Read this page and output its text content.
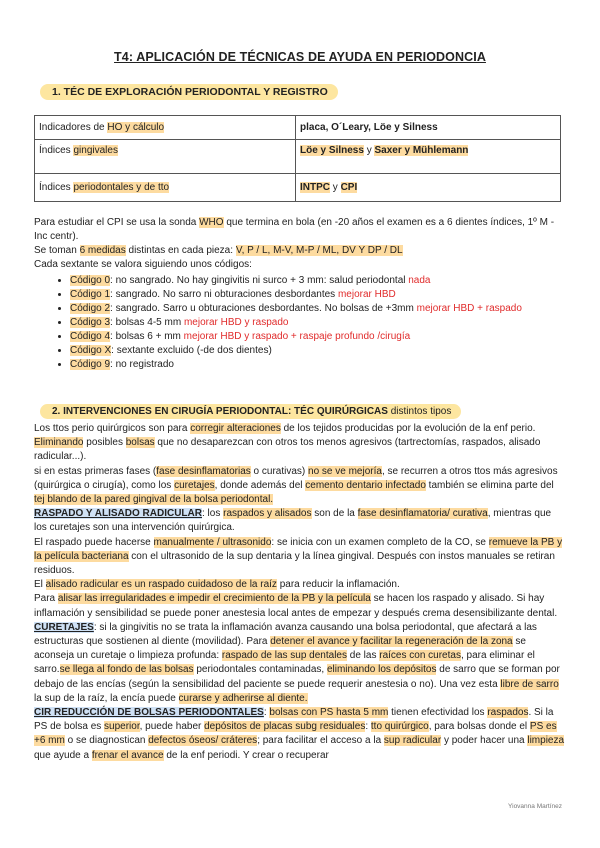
T4: APLICACIÓN DE TÉCNICAS DE AYUDA EN PERIODONCIA
1. TÉC DE EXPLORACIÓN PERIODONTAL Y REGISTRO
Indicadores de HO y cálculo	placa, O´Leary, Löe y Silness
Índices gingivales	Löe y Silness y Saxer y Mühlemann
Índices periodontales y de tto	INTPC y CPI
Para estudiar el CPI se usa la sonda WHO que termina en bola (en -20 años el examen es a 6 dientes índices, 1º M - Inc centr).
Se toman 6 medidas distintas en cada pieza: V, P / L, M-V, M-P / ML, DV Y DP / DL
Cada sextante se valora siguiendo unos códigos:
• Código 0: no sangrado. No hay gingivitis ni surco + 3 mm: salud periodontal nada
• Código 1: sangrado. No sarro ni obturaciones desbordantes mejorar HBD
• Código 2: sangrado. Sarro u obturaciones desbordantes. No bolsas de +3mm mejorar HBD + raspado
• Código 3: bolsas 4-5 mm mejorar HBD y raspado
• Código 4: bolsas 6 + mm mejorar HBD y raspado + raspaje profundo /cirugía
• Código X: sextante excluido (-de dos dientes)
• Código 9: no registrado
2. INTERVENCIONES EN CIRUGÍA PERIODONTAL: TÉC QUIRÚRGICAS distintos tipos

Los ttos perio quirúrgicos son para corregir alteraciones de los tejidos producidas por la evolución de la enf perio. Eliminando posibles bolsas que no desaparezcan con otros tos menos agresivos (tartrectomías, raspados, alisado radicular...).

si en estas primeras fases (fase desinflamatorias o curativas) no se ve mejoría, se recurren a otros ttos más agresivos (quirúrgica o cirugía), como los curetajes, donde además del cemento dentario infectado también se elimina parte del tej blando de la pared gingival de la bolsa periodontal.

RASPADO Y ALISADO RADICULAR: los raspados y alisados son de la fase desinflamatoria/ curativa, mientras que los curetajes son una intervención quirúrgica.

El raspado puede hacerse manualmente / ultrasonido: se inicia con un examen completo de la CO, se remueve la PB y la película bacteriana con el ultrasonido de la sup dentaria y la línea gingival. Después con instos manuales se retiran residuos.

El alisado radicular es un raspado cuidadoso de la raíz para reducir la inflamación.

Para alisar las irregularidades e impedir el crecimiento de la PB y la película se hacen los raspado y alisado. Si hay inflamación y sensibilidad se puede poner anestesia local antes de empezar y después crema desensibilizante dental.

CURETAJES: si la gingivitis no se trata la inflamación avanza causando una bolsa periodontal, que afectará a las estructuras que sostienen al diente (movilidad). Para detener el avance y facilitar la regeneración de la zona se aconseja un curetaje o limpieza profunda: raspado de las sup dentales de las raíces con curetas, para eliminar el sarro.se llega al fondo de las bolsas periodontales contaminadas, eliminando los depósitos de sarro que se forman por debajo de las encías (según la sensibilidad del paciente se puede requerir anestesia o no). Una vez esta libre de sarro la sup de la raíz, la encía puede curarse y adherirse al diente.

CIR REDUCCIÓN DE BOLSAS PERIODONTALES: bolsas con PS hasta 5 mm tienen efectividad los raspados. Si la PS de bolsa es superior, puede haber depósitos de placas subg residuales: tto quirúrgico, para bolsas donde el PS es +6 mm o se diagnostican defectos óseos/ cráteres; para facilitar el acceso a la sup radicular y poder hacer una limpieza que ayude a frenar el avance de la enf periodi. Y crear o recuperar

Yiovanna Martínez
